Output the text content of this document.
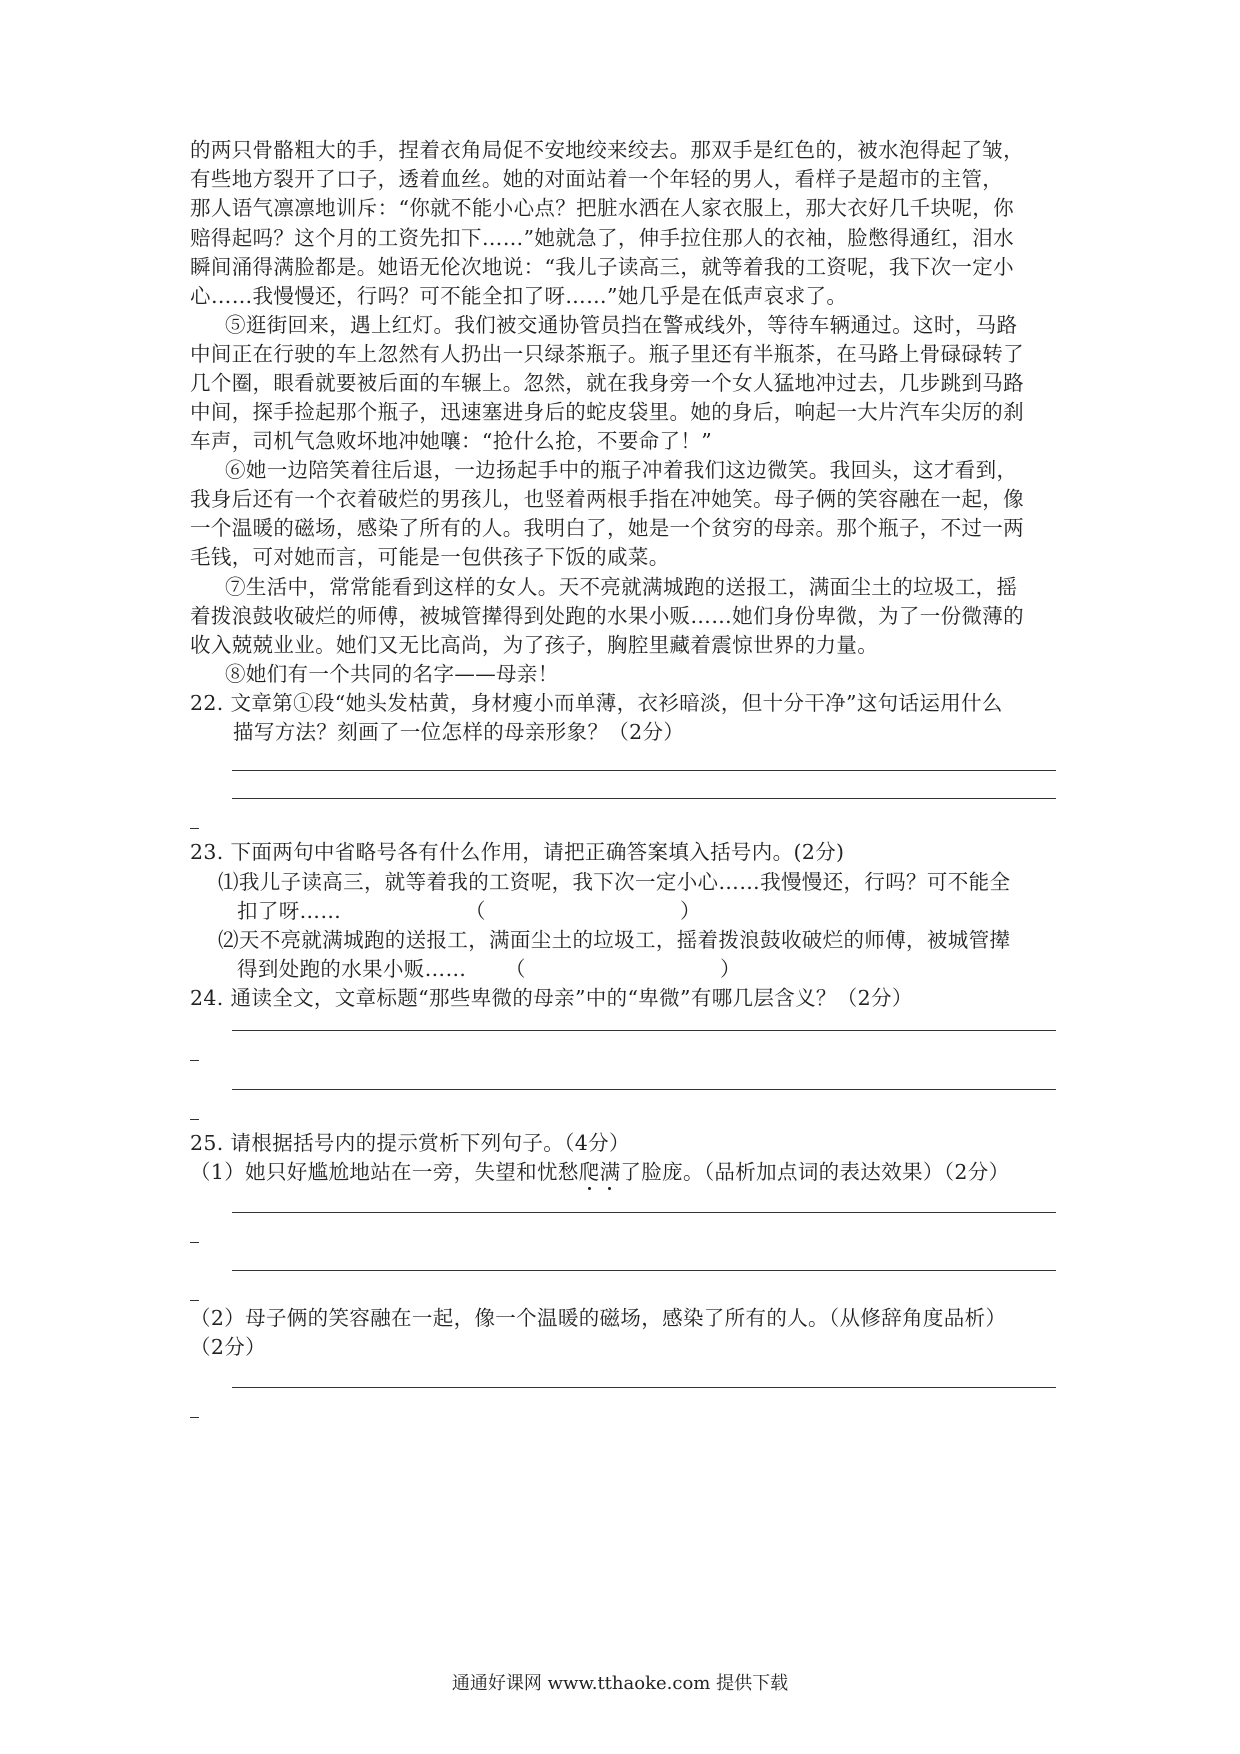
的两只骨骼粗大的手，捏着衣角局促不安地绞来绞去。那双手是红色的，被水泡得起了皱，
有些地方裂开了口子，透着血丝。她的对面站着一个年轻的男人，看样子是超市的主管，
那人语气凛凛地训斥：“你就不能小心点？把脏水洒在人家衣服上，那大衣好几千块呢，你
赔得起吗？这个月的工资先扣下……”她就急了，伸手拉住那人的衣袖，脸憋得通红，泪水
瞬间涌得满脸都是。她语无伦次地说：“我儿子读高三，就等着我的工资呢，我下次一定小
心……我慢慢还，行吗？可不能全扣了呀……”她几乎是在低声哀求了。
⑤逛街回来，遇上红灯。我们被交通协管员挡在警戒线外，等待车辆通过。这时，马路
中间正在行驶的车上忽然有人扔出一只绿茶瓶子。瓶子里还有半瓶茶，在马路上骨碌碌转了
几个圈，眼看就要被后面的车辗上。忽然，就在我身旁一个女人猛地冲过去，几步跳到马路
中间，探手捡起那个瓶子，迅速塞进身后的蛇皮袋里。她的身后，响起一大片汽车尖厉的刹
车声，司机气急败坏地冲她嚷：“抢什么抢，不要命了！”
⑥她一边陪笑着往后退，一边扬起手中的瓶子冲着我们这边微笑。我回头，这才看到，
我身后还有一个衣着破烂的男孩儿，也竖着两根手指在冲她笑。母子俩的笑容融在一起，像
一个温暖的磁场，感染了所有的人。我明白了，她是一个贫穷的母亲。那个瓶子，不过一两
毛钱，可对她而言，可能是一包供孩子下饭的咸菜。
⑦生活中，常常能看到这样的女人。天不亮就满城跑的送报工，满面尘土的垃圾工，摇
着拨浪鼓收破烂的师傅，被城管撵得到处跑的水果小贩……她们身份卑微，为了一份微薄的
收入兢兢业业。她们又无比高尚，为了孩子，胸腔里藏着震惊世界的力量。
⑧她们有一个共同的名字——母亲！
22. 文章第①段“她头发枯黄，身材瘦小而单薄，衣衫暗淡，但十分干净”这句话运用什么
描写方法？刻画了一位怎样的母亲形象？（2分）
23. 下面两句中省略号各有什么作用，请把正确答案填入括号内。(2分)
⑴我儿子读高三，就等着我的工资呢，我下次一定小心……我慢慢还，行吗？可不能全
扣了呀……	（	）
⑵天不亮就满城跑的送报工，满面尘土的垃圾工，摇着拨浪鼓收破烂的师傅，被城管撵
得到处跑的水果小贩…… （	）
24. 通读全文，文章标题“那些卑微的母亲”中的“卑微”有哪几层含义？（2分）
25. 请根据括号内的提示赏析下列句子。（4分）
（1）她只好尴尬地站在一旁，失望和忧愁爬满了脸庞。（品析加点词的表达效果）（2分）
（2）母子俩的笑容融在一起，像一个温暖的磁场，感染了所有的人。（从修辞角度品析）
（2分）
通通好课网 www.tthaoke.com 提供下载
